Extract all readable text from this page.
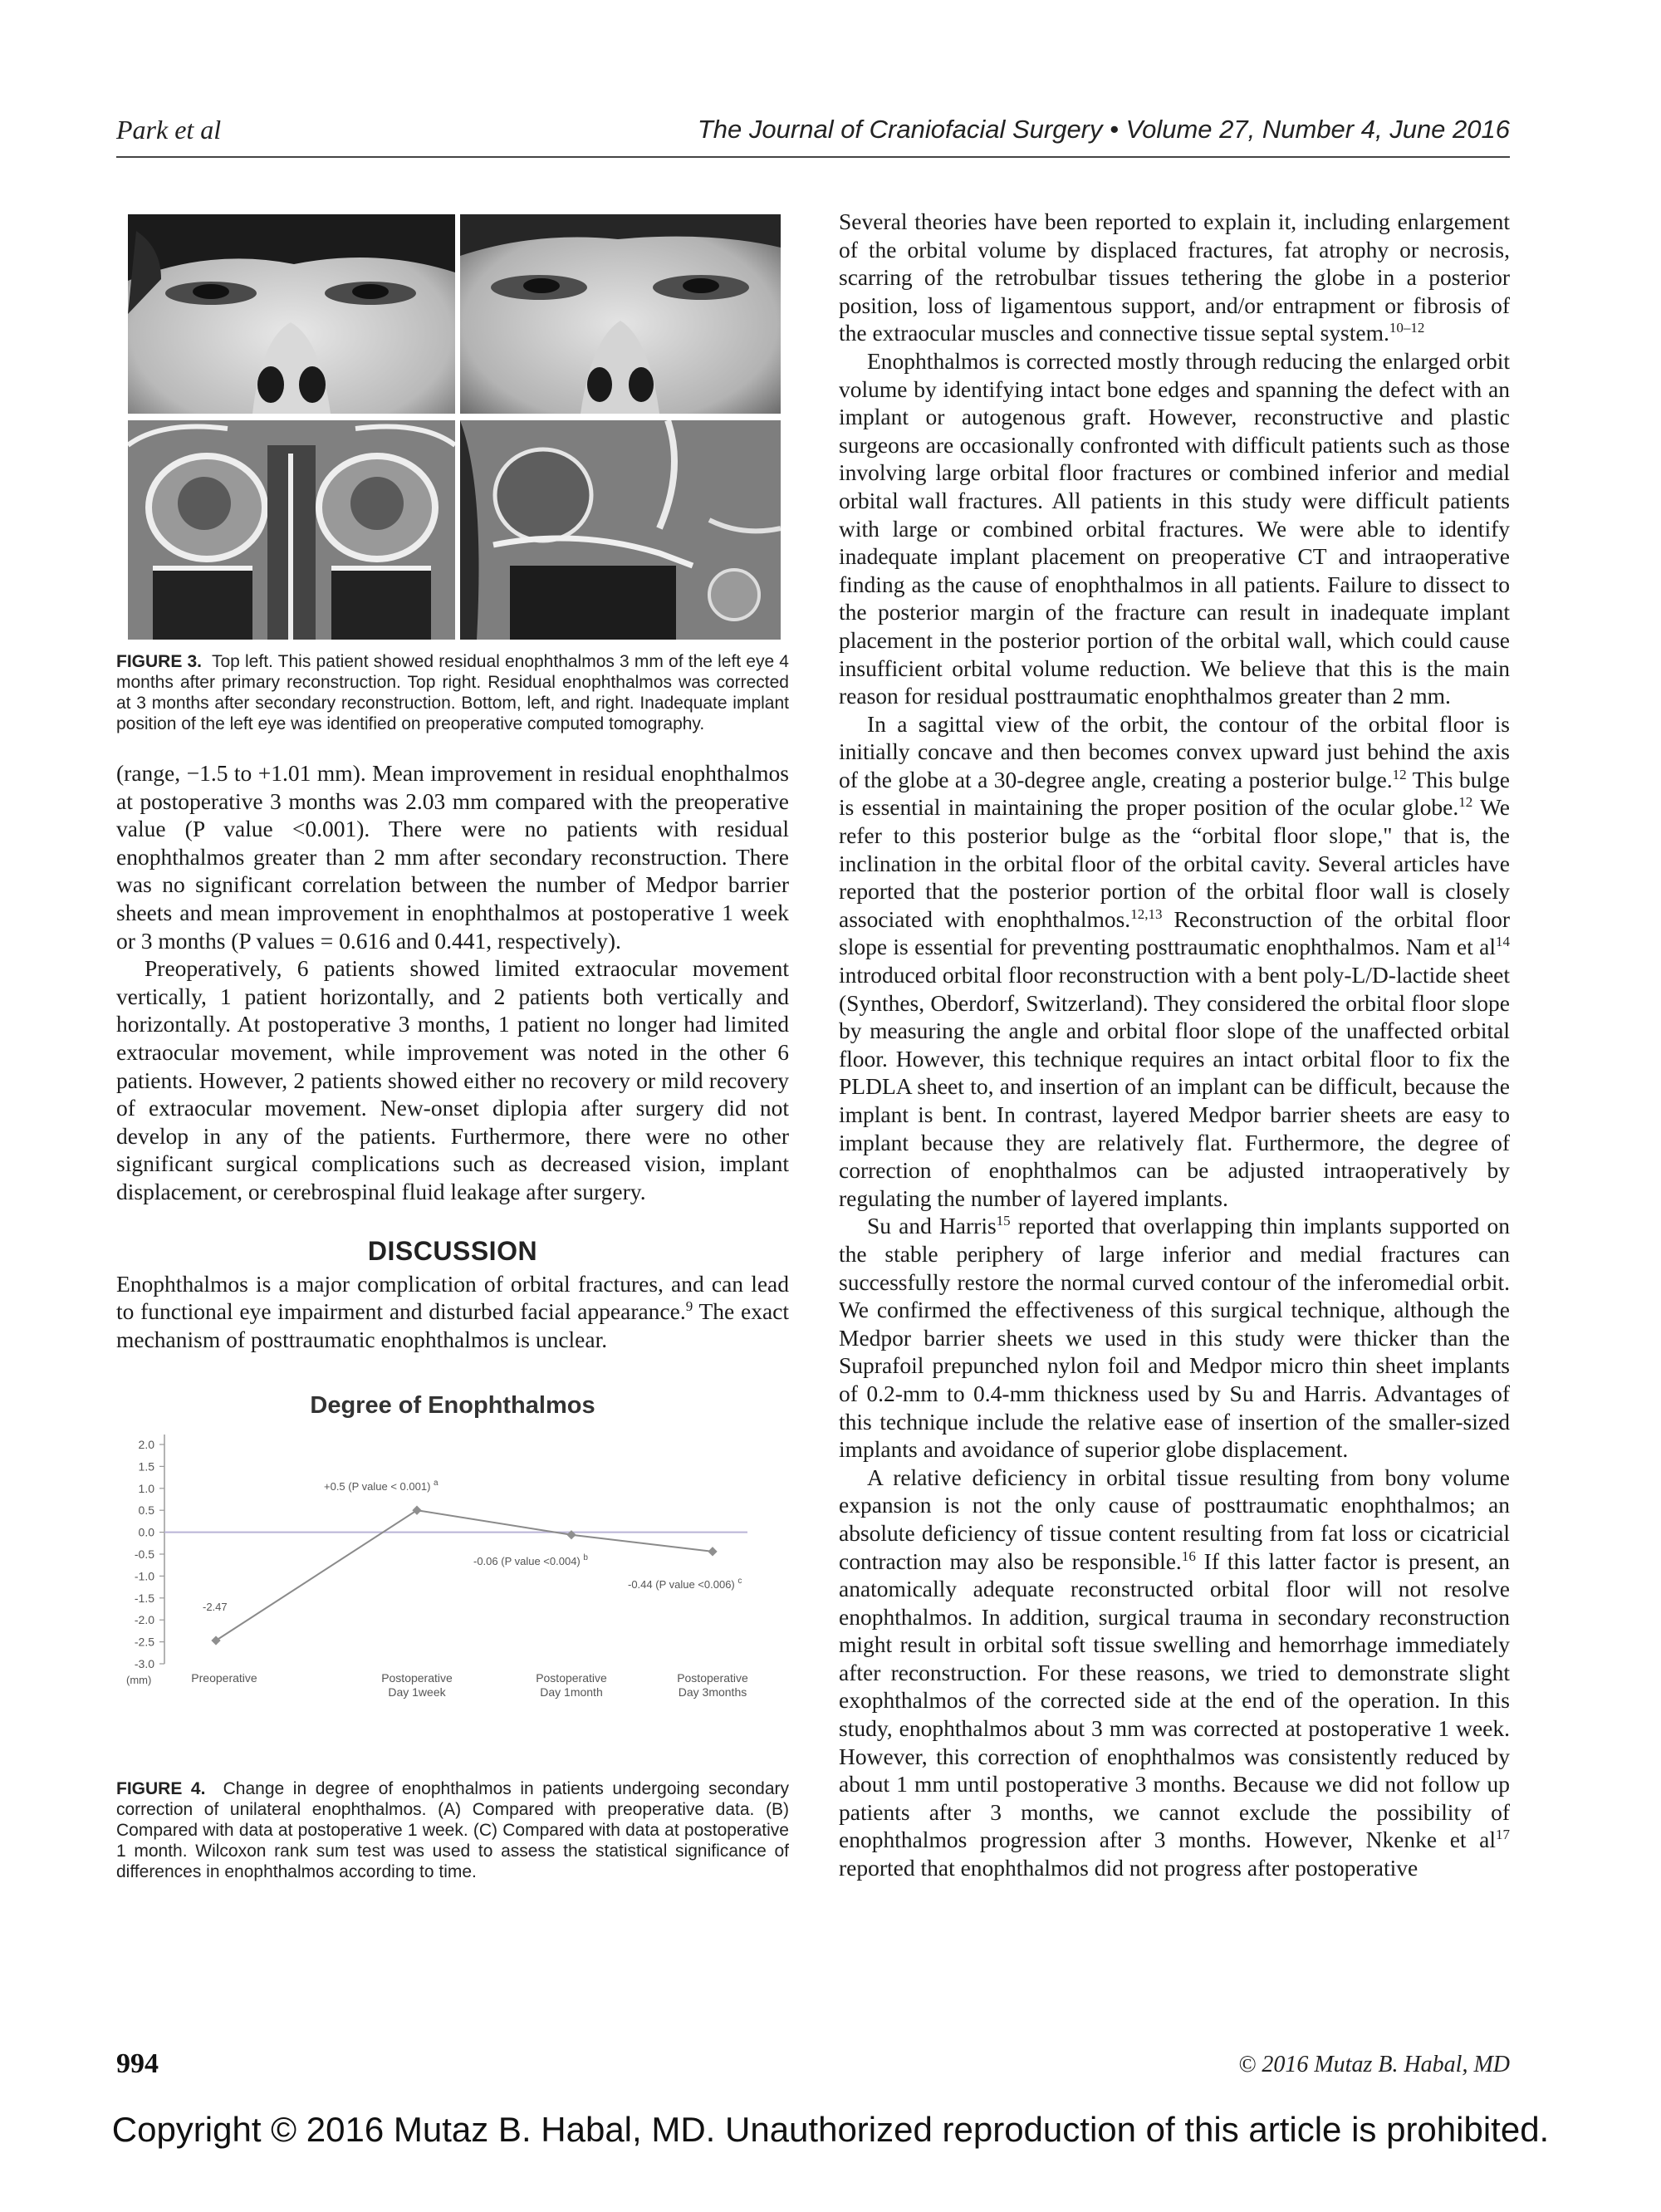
Park et al	The Journal of Craniofacial Surgery • Volume 27, Number 4, June 2016
FIGURE 3. Top left. This patient showed residual enophthalmos 3 mm of the left eye 4 months after primary reconstruction. Top right. Residual enophthalmos was corrected at 3 months after secondary reconstruction. Bottom, left, and right. Inadequate implant position of the left eye was identified on preoperative computed tomography.

(range, −1.5 to +1.01 mm). Mean improvement in residual enophthalmos at postoperative 3 months was 2.03 mm compared with the preoperative value (P value <0.001). There were no patients with residual enophthalmos greater than 2 mm after secondary reconstruction. There was no significant correlation between the number of Medpor barrier sheets and mean improvement in enophthalmos at postoperative 1 week or 3 months (P values = 0.616 and 0.441, respectively).

Preoperatively, 6 patients showed limited extraocular movement vertically, 1 patient horizontally, and 2 patients both vertically and horizontally. At postoperative 3 months, 1 patient no longer had limited extraocular movement, while improvement was noted in the other 6 patients. However, 2 patients showed either no recovery or mild recovery of extraocular movement. New-onset diplopia after surgery did not develop in any of the patients. Furthermore, there were no other significant surgical complications such as decreased vision, implant displacement, or cerebrospinal fluid leakage after surgery.

DISCUSSION

Enophthalmos is a major complication of orbital fractures, and can lead to functional eye impairment and disturbed facial appearance.$^9$ The exact mechanism of posttraumatic enophthalmos is unclear.

Degree of Enophthalmos
2.0
1.5
1.0
0.5
0.0
-0.5
-1.0
-1.5
-2.0
-2.5
-3.0
(mm)
-2.47
+0.5 (P value < 0.001) $^a$
-0.06 (P value <0.004) $^b$
-0.44 (P value <0.006) $^c$
Preoperative	Postoperative
Day 1week
Postoperative
Day 1month
Postoperative
Day 3months
FIGURE 4. Change in degree of enophthalmos in patients undergoing secondary correction of unilateral enophthalmos. (A) Compared with preoperative data. (B) Compared with data at postoperative 1 week. (C) Compared with data at postoperative 1 month. Wilcoxon rank sum test was used to assess the statistical significance of differences in enophthalmos according to time.

Several theories have been reported to explain it, including enlargement of the orbital volume by displaced fractures, fat atrophy or necrosis, scarring of the retrobulbar tissues tethering the globe in a posterior position, loss of ligamentous support, and/or entrapment or fibrosis of the extraocular muscles and connective tissue septal system.$^{10-12}$

Enophthalmos is corrected mostly through reducing the enlarged orbit volume by identifying intact bone edges and spanning the defect with an implant or autogenous graft. However, reconstructive and plastic surgeons are occasionally confronted with difficult patients such as those involving large orbital floor fractures or combined inferior and medial orbital wall fractures. All patients in this study were difficult patients with large or combined orbital fractures. We were able to identify inadequate implant placement on preoperative CT and intraoperative finding as the cause of enophthalmos in all patients. Failure to dissect to the posterior margin of the fracture can result in inadequate implant placement in the posterior portion of the orbital wall, which could cause insufficient orbital volume reduction. We believe that this is the main reason for residual posttraumatic enophthalmos greater than 2 mm.

In a sagittal view of the orbit, the contour of the orbital floor is initially concave and then becomes convex upward just behind the axis of the globe at a 30-degree angle, creating a posterior bulge.$^{12}$ This bulge is essential in maintaining the proper position of the ocular globe.$^{12}$ We refer to this posterior bulge as the “orbital floor slope," that is, the inclination in the orbital floor of the orbital cavity. Several articles have reported that the posterior portion of the orbital floor wall is closely associated with enophthalmos.$^{12,13}$ Reconstruction of the orbital floor slope is essential for preventing posttraumatic enophthalmos. Nam et $al^{14}$ introduced orbital floor reconstruction with a bent poly-L/D-lactide sheet (Synthes, Oberdorf, Switzerland). They considered the orbital floor slope by measuring the angle and orbital floor slope of the unaffected orbital floor. However, this technique requires an intact orbital floor to fix the PLDLA sheet to, and insertion of an implant can be difficult, because the implant is bent. In contrast, layered Medpor barrier sheets are easy to implant because they are relatively flat. Furthermore, the degree of correction of enophthalmos can be adjusted intraoperatively by regulating the number of layered implants.

Su and Harris$^{15}$ reported that overlapping thin implants supported on the stable periphery of large inferior and medial fractures can successfully restore the normal curved contour of the inferomedial orbit. We confirmed the effectiveness of this surgical technique, although the Medpor barrier sheets we used in this study were thicker than the Suprafoil prepunched nylon foil and Medpor micro thin sheet implants of 0.2-mm to 0.4-mm thickness used by Su and Harris. Advantages of this technique include the relative ease of insertion of the smaller-sized implants and avoidance of superior globe displacement.

A relative deficiency in orbital tissue resulting from bony volume expansion is not the only cause of posttraumatic enophthalmos; an absolute deficiency of tissue content resulting from fat loss or cicatricial contraction may also be responsible.$^{16}$ If this latter factor is present, an anatomically adequate reconstructed orbital floor will not resolve enophthalmos. In addition, surgical trauma in secondary reconstruction might result in orbital soft tissue swelling and hemorrhage immediately after reconstruction. For these reasons, we tried to demonstrate slight exophthalmos of the corrected side at the end of the operation. In this study, enophthalmos about 3 mm was corrected at postoperative 1 week. However, this correction of enophthalmos was consistently reduced by about 1 mm until postoperative 3 months. Because we did not follow up patients after 3 months, we cannot exclude the possibility of enophthalmos progression after 3 months. However, Nkenke et $al^{17}$ reported that enophthalmos did not progress after postoperative

994	© 2016 Mutaz B. Habal, MD
Copyright © 2016 Mutaz B. Habal, MD. Unauthorized reproduction of this article is prohibited.
